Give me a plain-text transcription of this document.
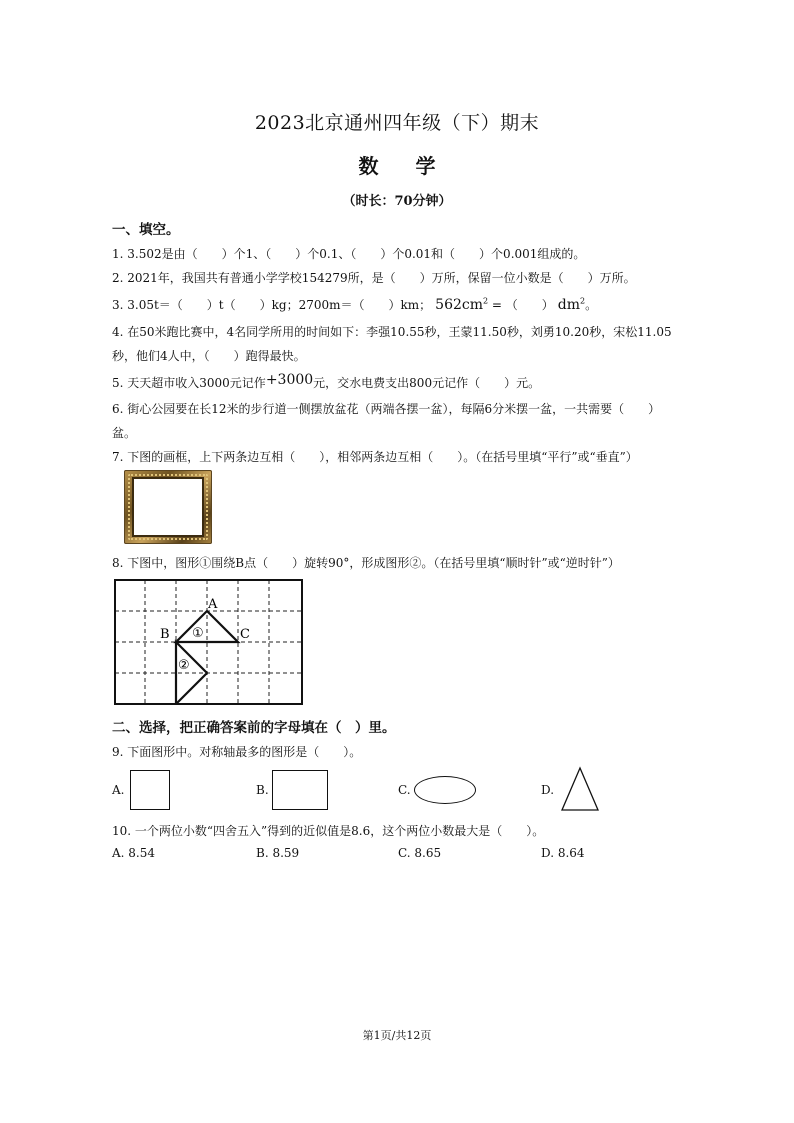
2023北京通州四年级（下）期末
数 学
（时长：70分钟）
一、填空。
1. 3.502是由（　　）个1、（　　）个0.1、（　　）个0.01和（　　）个0.001组成的。
2. 2021年，我国共有普通小学学校154279所，是（　　）万所，保留一位小数是（　　）万所。
3. 3.05t＝（　　）t（　　）kg；2700m＝（　　）km； $562cm^2$ = （　　） $dm^2$。
4. 在50米跑比赛中，4名同学所用的时间如下：李强10.55秒，王蒙11.50秒，刘勇10.20秒，宋松11.05
秒，他们4人中，（　　）跑得最快。
5. 天天超市收入3000元记作+3000元，交水电费支出800元记作（　　）元。
6. 街心公园要在长12米的步行道一侧摆放盆花（两端各摆一盆），每隔6分米摆一盆，一共需要（　　）
盆。
7. 下图的画框，上下两条边互相（　　），相邻两条边互相（　　）。（在括号里填“平行”或“垂直”）
8. 下图中，图形①围绕B点（　　）旋转90°，形成图形②。（在括号里填“顺时针”或“逆时针”）
A
B	C
①
②
二、选择，把正确答案前的字母填在（　）里。
9. 下面图形中。对称轴最多的图形是（　　）。
A.	B.	C.	D.
10. 一个两位小数“四舍五入”得到的近似值是8.6，这个两位小数最大是（　　）。
A. 8.54	B. 8.59	C. 8.65	D. 8.64
第1页/共12页
